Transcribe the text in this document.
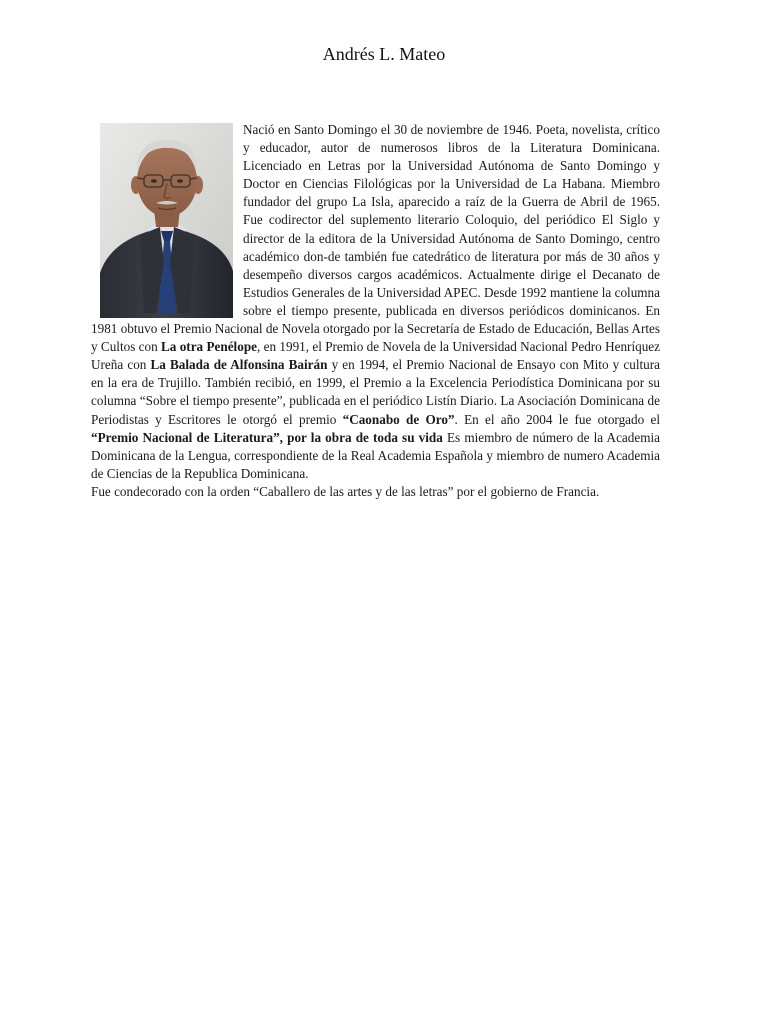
Andrés L. Mateo

Nació en Santo Domingo el 30 de noviembre de 1946. Poeta, novelista, crítico y educador, autor de numerosos libros de la Literatura Dominicana. Licenciado en Letras por la Universidad Autónoma de Santo Domingo y Doctor en Ciencias Filológicas por la Universidad de La Habana. Miembro fundador del grupo La Isla, aparecido a raíz de la Guerra de Abril de 1965. Fue codirector del suplemento literario Coloquio, del periódico El Siglo y director de la editora de la Universidad Autónoma de Santo Domingo, centro académico don-de también fue catedrático de literatura por más de 30 años y desempeño diversos cargos académicos. Actualmente dirige el Decanato de Estudios Generales de la Universidad APEC. Desde 1992 mantiene la columna sobre el tiempo presente, publicada en diversos periódicos dominicanos. En 1981 obtuvo el Premio Nacional de Novela otorgado por la Secretaría de Estado de Educación, Bellas Artes y Cultos con La otra Penélope, en 1991, el Premio de Novela de la Universidad Nacional Pedro Henríquez Ureña con La Balada de Alfonsina Bairán y en 1994, el Premio Nacional de Ensayo con Mito y cultura en la era de Trujillo. También recibió, en 1999, el Premio a la Excelencia Periodística Dominicana por su columna “Sobre el tiempo presente”, publicada en el periódico Listín Diario. La Asociación Dominicana de Periodistas y Escritores le otorgó el premio “Caonabo de Oro”. En el año 2004 le fue otorgado el “Premio Nacional de Literatura”, por la obra de toda su vida Es miembro de número de la Academia Dominicana de la Lengua, correspondiente de la Real Academia Española y miembro de numero Academia de Ciencias de la Republica Dominicana.

Fue condecorado con la orden “Caballero de las artes y de las letras” por el gobierno de Francia.
